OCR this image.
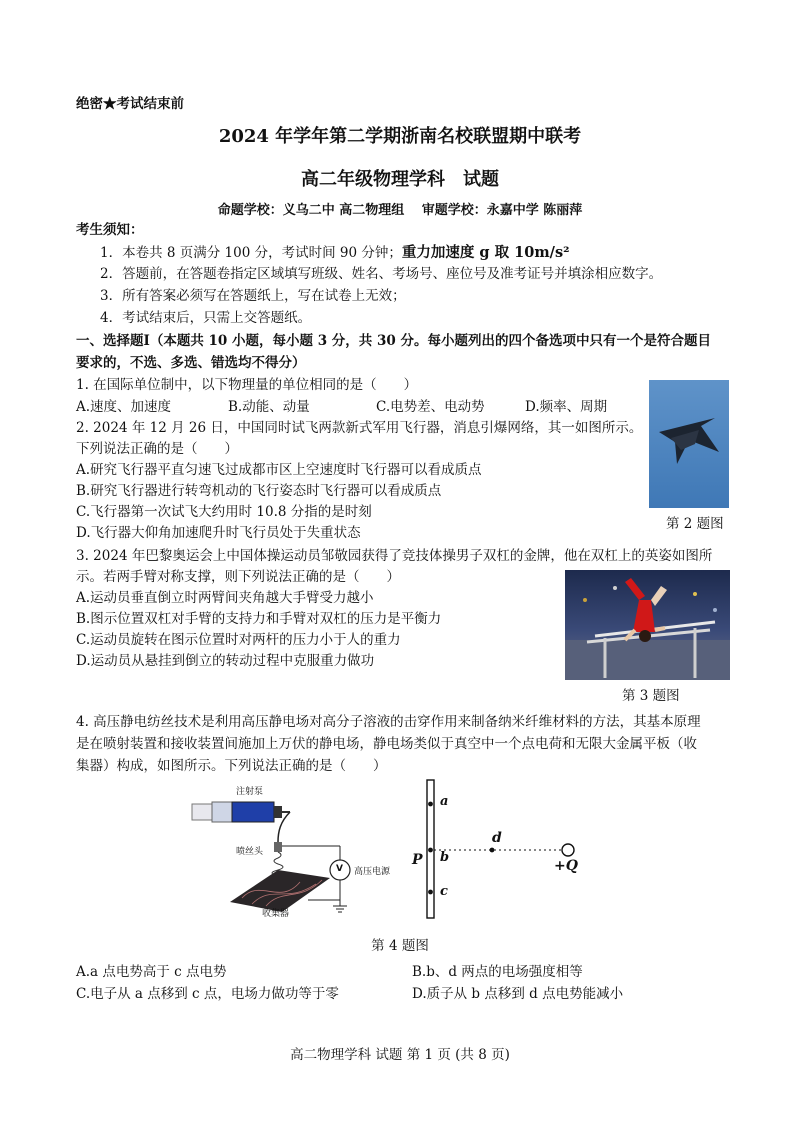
绝密★考试结束前
2024 年学年第二学期浙南名校联盟期中联考
高二年级物理学科　试题
命题学校：义乌二中 高二物理组　 审题学校：永嘉中学 陈丽萍
考生须知：
1．本卷共 8 页满分 100 分，考试时间 90 分钟；重力加速度 g 取 10m/s²
2．答题前，在答题卷指定区域填写班级、姓名、考场号、座位号及准考证号并填涂相应数字。
3．所有答案必须写在答题纸上，写在试卷上无效；
4．考试结束后，只需上交答题纸。
一、选择题Ⅰ（本题共 10 小题，每小题 3 分，共 30 分。每小题列出的四个备选项中只有一个是符合题目
要求的，不选、多选、错选均不得分）
1. 在国际单位制中，以下物理量的单位相同的是（　　）
A.速度、加速度	B.动能、动量	C.电势差、电动势	D.频率、周期
2. 2024 年 12 月 26 日，中国同时试飞两款新式军用飞行器，消息引爆网络，其一如图所示。
下列说法正确的是（　　）
A.研究飞行器平直匀速飞过成都市区上空速度时飞行器可以看成质点
B.研究飞行器进行转弯机动的飞行姿态时飞行器可以看成质点
C.飞行器第一次试飞大约用时 10.8 分指的是时刻
D.飞行器大仰角加速爬升时飞行员处于失重状态
第 2 题图
3. 2024 年巴黎奥运会上中国体操运动员邹敬园获得了竞技体操男子双杠的金牌，他在双杠上的英姿如图所
示。若两手臂对称支撑，则下列说法正确的是（　　）
A.运动员垂直倒立时两臂间夹角越大手臂受力越小
B.图示位置双杠对手臂的支持力和手臂对双杠的压力是平衡力
C.运动员旋转在图示位置时对两杆的压力小于人的重力
D.运动员从悬挂到倒立的转动过程中克服重力做功
第 3 题图
4. 高压静电纺丝技术是利用高压静电场对高分子溶液的击穿作用来制备纳米纤维材料的方法，其基本原理
是在喷射装置和接收装置间施加上万伏的静电场，静电场类似于真空中一个点电荷和无限大金属平板（收
集器）构成，如图所示。下列说法正确的是（　　）
注射泵
喷丝头
V 高压电源
收集器
a
b
c
d
P	+Q
第 4 题图
A.a 点电势高于 c 点电势	B.b、d 两点的电场强度相等
C.电子从 a 点移到 c 点，电场力做功等于零	D.质子从 b 点移到 d 点电势能减小
高二物理学科 试题 第 1 页 (共 8 页)
